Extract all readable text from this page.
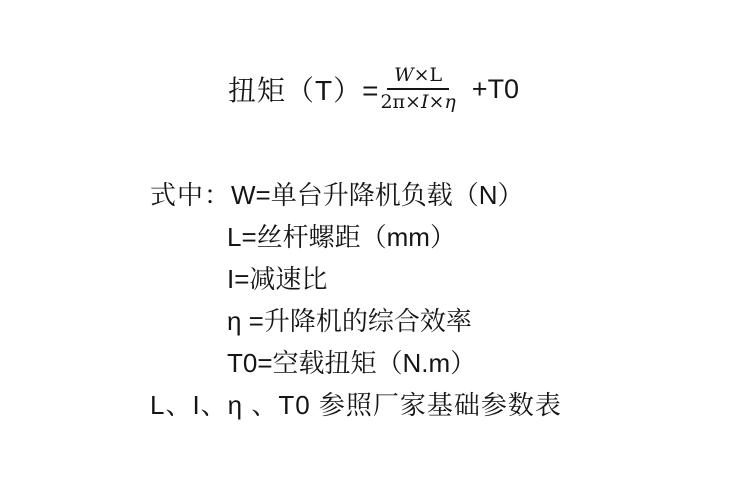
扭矩$(T)= \frac{W\times L}{2\pi\times I\times\eta} +T0$
式中： W=单台升降机负载（N）
L=丝杆螺距（mm）
I=减速比
η =升降机的综合效率
T0=空载扭矩（N.m）
L、I、η 、T0 参照厂家基础参数表
